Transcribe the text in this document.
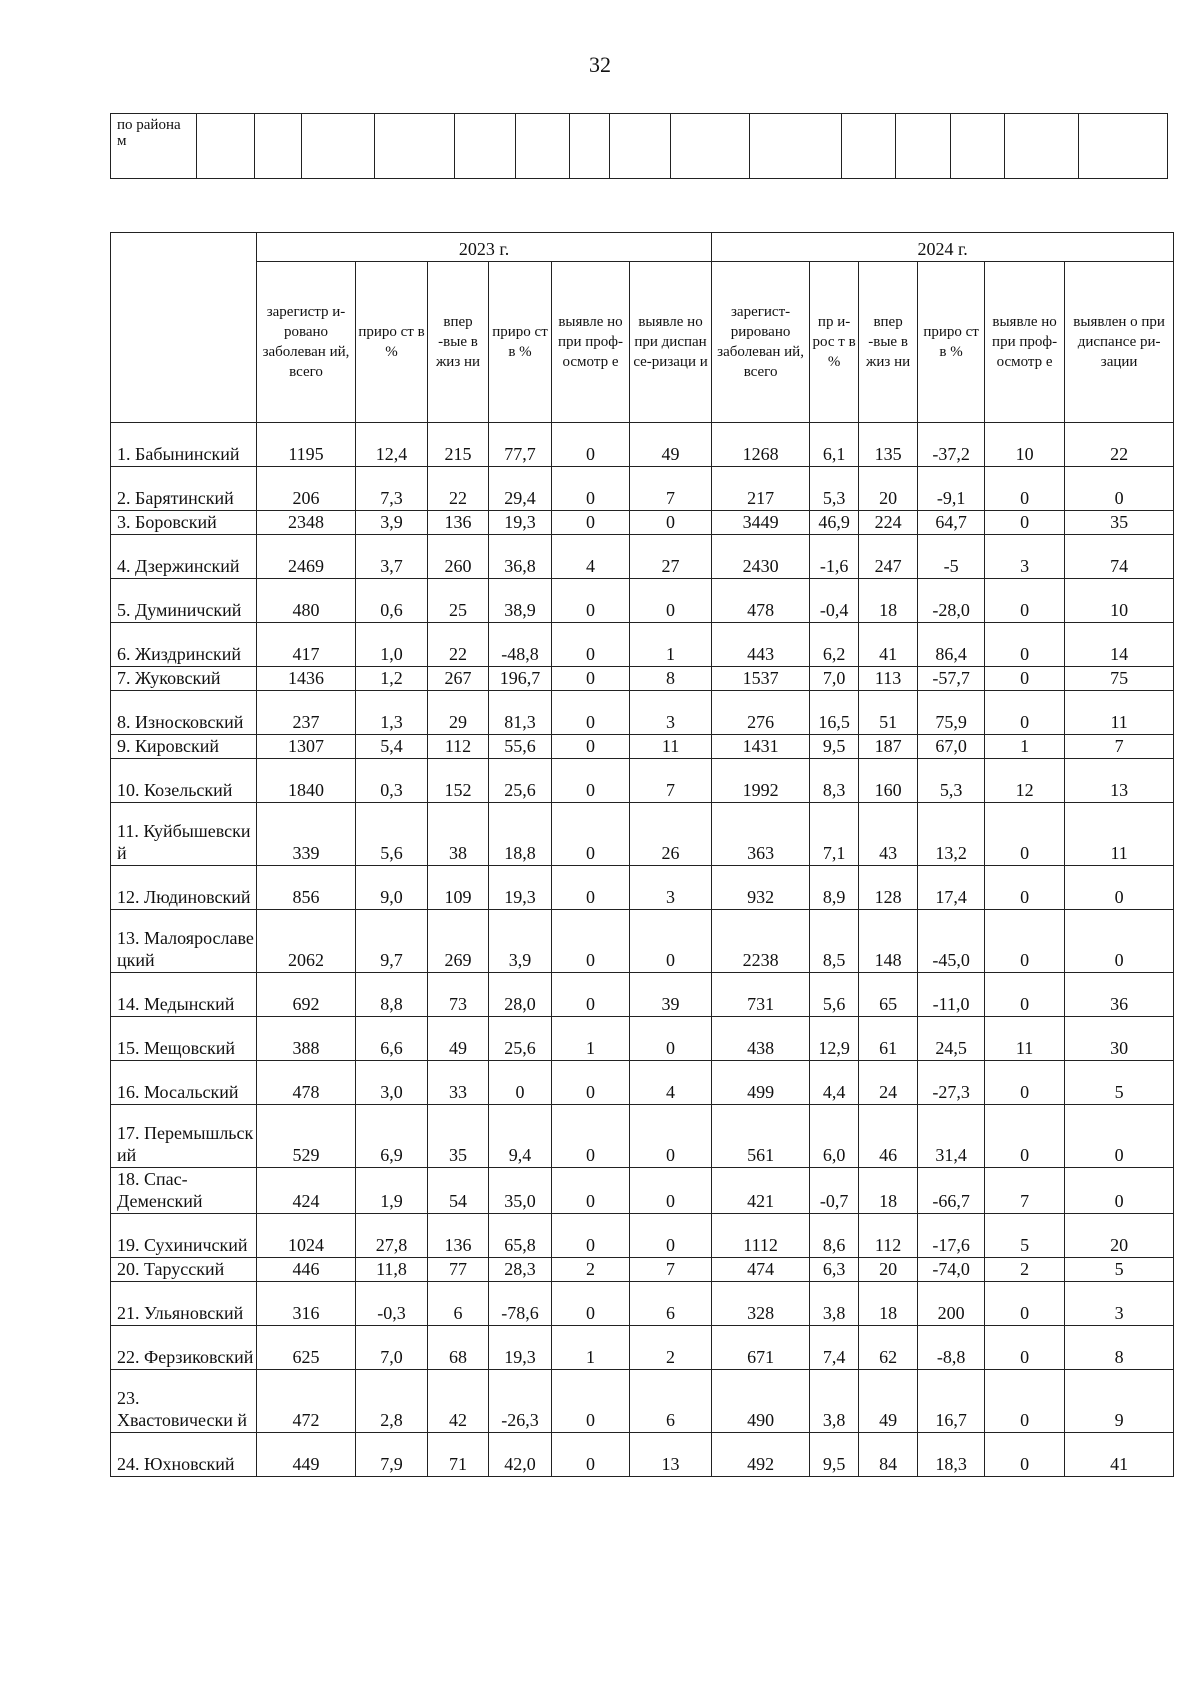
32
по района м															
	2023 г.						2024 г.					
	зарегистр и-ровано заболеван ий, всего	приро ст в %	впер -вые в жиз ни	приро ст в %	выявле но при проф-осмотр е	выявле но при диспан се-ризаци и	зарегист-рировано заболеван ий, всего	пр и-рос т в %	впер -вые в жиз ни	приро ст в %	выявле но при проф-осмотр е	выявлен о при диспансе ри-зации
1. Бабынинский	1195	12,4	215	77,7	0	49	1268	6,1	135	-37,2	10	22
2. Барятинский	206	7,3	22	29,4	0	7	217	5,3	20	-9,1	0	0
3. Боровский	2348	3,9	136	19,3	0	0	3449	46,9	224	64,7	0	35
4. Дзержинский	2469	3,7	260	36,8	4	27	2430	-1,6	247	-5	3	74
5. Думиничский	480	0,6	25	38,9	0	0	478	-0,4	18	-28,0	0	10
6. Жиздринский	417	1,0	22	-48,8	0	1	443	6,2	41	86,4	0	14
7. Жуковский	1436	1,2	267	196,7	0	8	1537	7,0	113	-57,7	0	75
8. Износковский	237	1,3	29	81,3	0	3	276	16,5	51	75,9	0	11
9. Кировский	1307	5,4	112	55,6	0	11	1431	9,5	187	67,0	1	7
10. Козельский	1840	0,3	152	25,6	0	7	1992	8,3	160	5,3	12	13
11. Куйбышевски й	339	5,6	38	18,8	0	26	363	7,1	43	13,2	0	11
12. Людиновский	856	9,0	109	19,3	0	3	932	8,9	128	17,4	0	0
13. Малоярославе цкий	2062	9,7	269	3,9	0	0	2238	8,5	148	-45,0	0	0
14. Медынский	692	8,8	73	28,0	0	39	731	5,6	65	-11,0	0	36
15. Мещовский	388	6,6	49	25,6	1	0	438	12,9	61	24,5	11	30
16. Мосальский	478	3,0	33	0	0	4	499	4,4	24	-27,3	0	5
17. Перемышльск ий	529	6,9	35	9,4	0	0	561	6,0	46	31,4	0	0
18. Спас-Деменский	424	1,9	54	35,0	0	0	421	-0,7	18	-66,7	7	0
19. Сухиничский	1024	27,8	136	65,8	0	0	1112	8,6	112	-17,6	5	20
20. Тарусский	446	11,8	77	28,3	2	7	474	6,3	20	-74,0	2	5
21. Ульяновский	316	-0,3	6	-78,6	0	6	328	3,8	18	200	0	3
22. Ферзиковский	625	7,0	68	19,3	1	2	671	7,4	62	-8,8	0	8
23. Хвастовически й	472	2,8	42	-26,3	0	6	490	3,8	49	16,7	0	9
24. Юхновский	449	7,9	71	42,0	0	13	492	9,5	84	18,3	0	41
